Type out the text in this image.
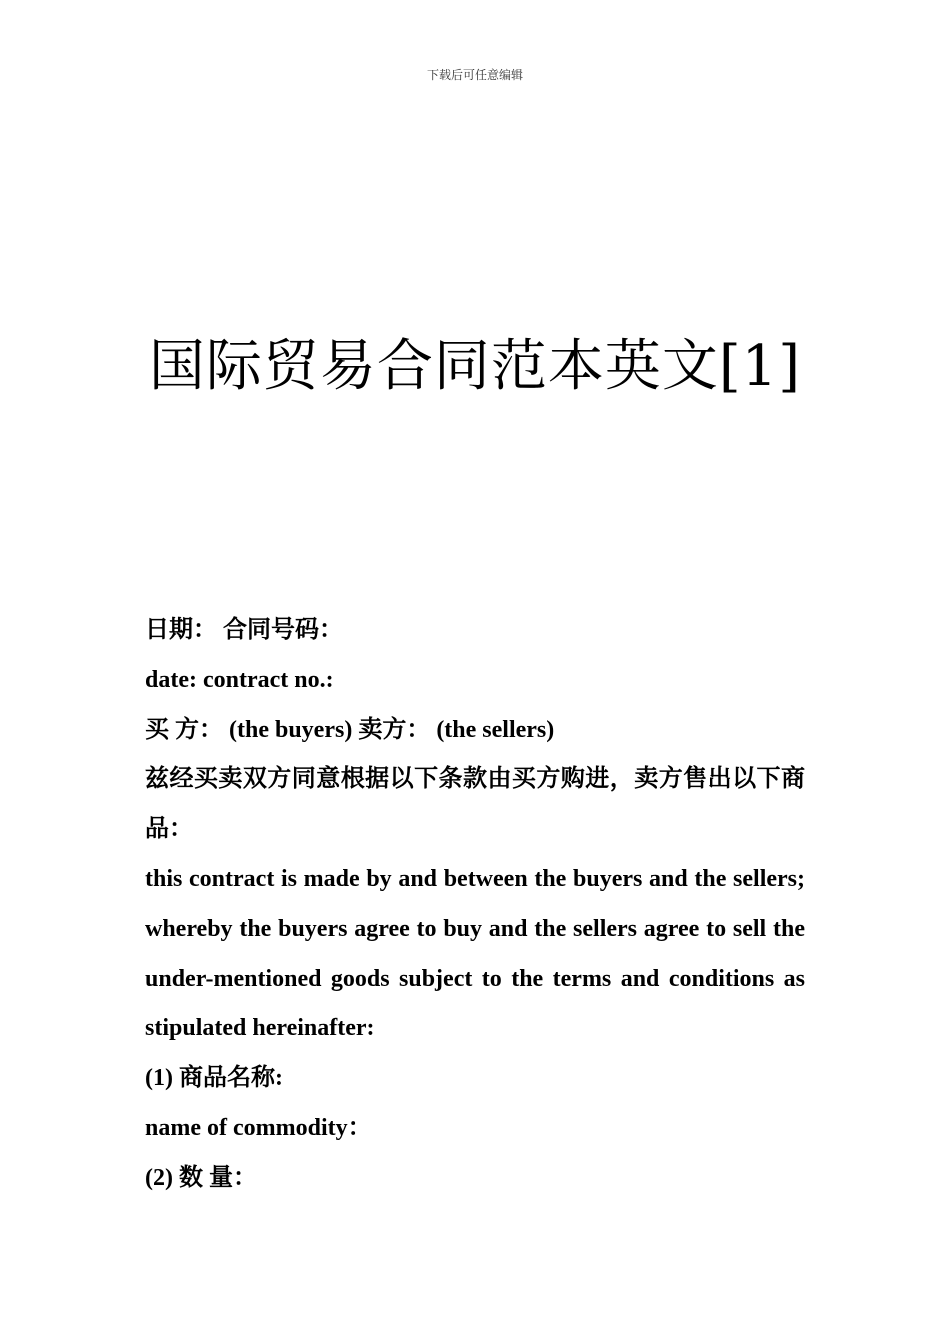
下载后可任意编辑
国际贸易合同范本英文[1]

日期： 合同号码：

date: contract no.:

买 方： (the buyers) 卖方： (the sellers)

兹经买卖双方同意根据以下条款由买方购进，卖方售出以下商品：

this contract is made by and between the buyers and the sellers; whereby the buyers agree to buy and the sellers agree to sell the under-mentioned goods subject to the terms and conditions as stipulated hereinafter:

(1) 商品名称:

name of commodity：

(2) 数 量：
